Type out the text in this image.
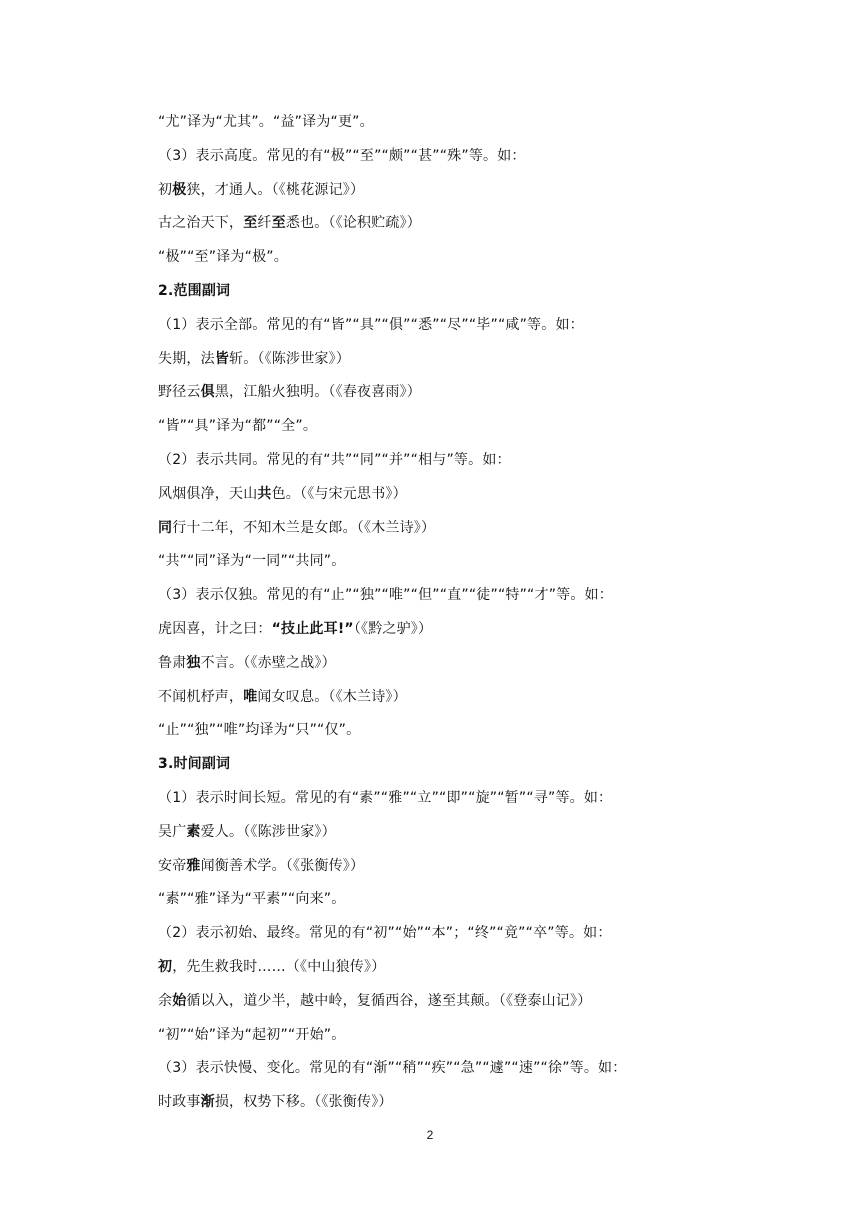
“尤”译为“尤其”。“益”译为“更”。
（3）表示高度。常见的有“极”“至”“颇”“甚”“殊”等。如：
初极狭，才通人。（《桃花源记》）
古之治天下，至纤至悉也。（《论积贮疏》）
“极”“至”译为“极”。
2.范围副词
（1）表示全部。常见的有“皆”“具”“俱”“悉”“尽”“毕”“咸”等。如：
失期，法皆斩。（《陈涉世家》）
野径云俱黑，江船火独明。（《春夜喜雨》）
“皆”“具”译为“都”“全”。
（2）表示共同。常见的有“共”“同”“并”“相与”等。如：
风烟俱净，天山共色。（《与宋元思书》）
同行十二年，不知木兰是女郎。（《木兰诗》）
“共”“同”译为“一同”“共同”。
（3）表示仅独。常见的有“止”“独”“唯”“但”“直”“徒”“特”“才”等。如：
虎因喜，计之曰：“技止此耳!”（《黔之驴》）
鲁肃独不言。（《赤壁之战》）
不闻机杼声，唯闻女叹息。（《木兰诗》）
“止”“独”“唯”均译为“只”“仅”。
3.时间副词
（1）表示时间长短。常见的有“素”“雅”“立”“即”“旋”“暂”“寻”等。如：
吴广素爱人。（《陈涉世家》）
安帝雅闻衡善术学。（《张衡传》）
“素”“雅”译为“平素”“向来”。
（2）表示初始、最终。常见的有“初”“始”“本”；“终”“竟”“卒”等。如：
初，先生救我时……（《中山狼传》）
余始循以入，道少半，越中岭，复循西谷，遂至其颠。（《登泰山记》）
“初”“始”译为“起初”“开始”。
（3）表示快慢、变化。常见的有“渐”“稍”“疾”“急”“遽”“速”“徐”等。如：
时政事渐损，权势下移。（《张衡传》）
2
